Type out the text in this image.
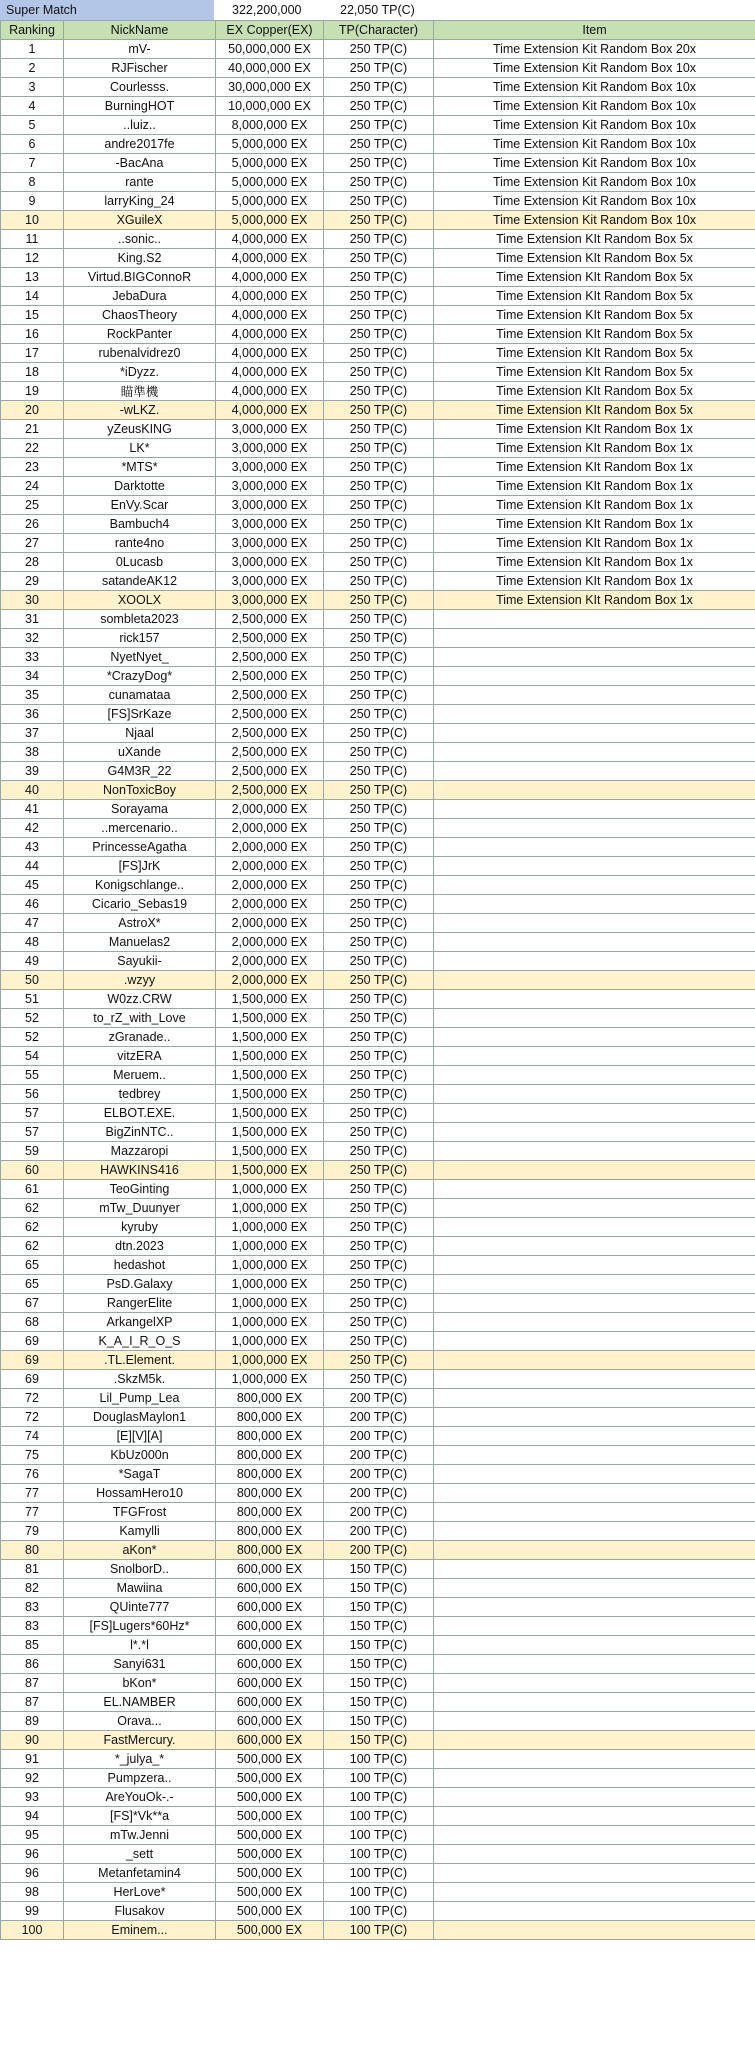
Super Match	322,200,000	22,050 TP(C)
Ranking	NickName	EX Copper(EX)	TP(Character)	Item
1	mV-	50,000,000 EX	250 TP(C)	Time Extension Kit Random Box 20x
2	RJFischer	40,000,000 EX	250 TP(C)	Time Extension Kit Random Box 10x
3	Courlesss.	30,000,000 EX	250 TP(C)	Time Extension Kit Random Box 10x
4	BurningHOT	10,000,000 EX	250 TP(C)	Time Extension Kit Random Box 10x
5	..luiz..	8,000,000 EX	250 TP(C)	Time Extension Kit Random Box 10x
6	andre2017fe	5,000,000 EX	250 TP(C)	Time Extension Kit Random Box 10x
7	-BacAna	5,000,000 EX	250 TP(C)	Time Extension Kit Random Box 10x
8	rante	5,000,000 EX	250 TP(C)	Time Extension Kit Random Box 10x
9	larryKing_24	5,000,000 EX	250 TP(C)	Time Extension Kit Random Box 10x
10	XGuileX	5,000,000 EX	250 TP(C)	Time Extension Kit Random Box 10x
11	..sonic..	4,000,000 EX	250 TP(C)	Time Extension KIt Random Box 5x
12	King.S2	4,000,000 EX	250 TP(C)	Time Extension KIt Random Box 5x
13	Virtud.BIGConnoR	4,000,000 EX	250 TP(C)	Time Extension KIt Random Box 5x
14	JebaDura	4,000,000 EX	250 TP(C)	Time Extension KIt Random Box 5x
15	ChaosTheory	4,000,000 EX	250 TP(C)	Time Extension KIt Random Box 5x
16	RockPanter	4,000,000 EX	250 TP(C)	Time Extension KIt Random Box 5x
17	rubenalvidrez0	4,000,000 EX	250 TP(C)	Time Extension KIt Random Box 5x
18	*iDyzz.	4,000,000 EX	250 TP(C)	Time Extension KIt Random Box 5x
19	瞄準機	4,000,000 EX	250 TP(C)	Time Extension KIt Random Box 5x
20	-wLKZ.	4,000,000 EX	250 TP(C)	Time Extension KIt Random Box 5x
21	yZeusKING	3,000,000 EX	250 TP(C)	Time Extension KIt Random Box 1x
22	LK*	3,000,000 EX	250 TP(C)	Time Extension KIt Random Box 1x
23	*MTS*	3,000,000 EX	250 TP(C)	Time Extension KIt Random Box 1x
24	Darktotte	3,000,000 EX	250 TP(C)	Time Extension KIt Random Box 1x
25	EnVy.Scar	3,000,000 EX	250 TP(C)	Time Extension KIt Random Box 1x
26	Bambuch4	3,000,000 EX	250 TP(C)	Time Extension KIt Random Box 1x
27	rante4no	3,000,000 EX	250 TP(C)	Time Extension KIt Random Box 1x
28	0Lucasb	3,000,000 EX	250 TP(C)	Time Extension KIt Random Box 1x
29	satandeAK12	3,000,000 EX	250 TP(C)	Time Extension KIt Random Box 1x
30	XOOLX	3,000,000 EX	250 TP(C)	Time Extension KIt Random Box 1x
31	sombleta2023	2,500,000 EX	250 TP(C)	
32	rick157	2,500,000 EX	250 TP(C)	
33	NyetNyet_	2,500,000 EX	250 TP(C)	
34	*CrazyDog*	2,500,000 EX	250 TP(C)	
35	cunamataa	2,500,000 EX	250 TP(C)	
36	[FS]SrKaze	2,500,000 EX	250 TP(C)	
37	Njaal	2,500,000 EX	250 TP(C)	
38	uXande	2,500,000 EX	250 TP(C)	
39	G4M3R_22	2,500,000 EX	250 TP(C)	
40	NonToxicBoy	2,500,000 EX	250 TP(C)	
41	Sorayama	2,000,000 EX	250 TP(C)	
42	..mercenario..	2,000,000 EX	250 TP(C)	
43	PrincesseAgatha	2,000,000 EX	250 TP(C)	
44	[FS]JrK	2,000,000 EX	250 TP(C)	
45	Konigschlange..	2,000,000 EX	250 TP(C)	
46	Cicario_Sebas19	2,000,000 EX	250 TP(C)	
47	AstroX*	2,000,000 EX	250 TP(C)	
48	Manuelas2	2,000,000 EX	250 TP(C)	
49	Sayukii-	2,000,000 EX	250 TP(C)	
50	.wzyy	2,000,000 EX	250 TP(C)	
51	W0zz.CRW	1,500,000 EX	250 TP(C)	
52	to_rZ_with_Love	1,500,000 EX	250 TP(C)	
52	zGranade..	1,500,000 EX	250 TP(C)	
54	vitzERA	1,500,000 EX	250 TP(C)	
55	Meruem..	1,500,000 EX	250 TP(C)	
56	tedbrey	1,500,000 EX	250 TP(C)	
57	ELBOT.EXE.	1,500,000 EX	250 TP(C)	
57	BigZinNTC..	1,500,000 EX	250 TP(C)	
59	Mazzaropi	1,500,000 EX	250 TP(C)	
60	HAWKINS416	1,500,000 EX	250 TP(C)	
61	TeoGinting	1,000,000 EX	250 TP(C)	
62	mTw_Duunyer	1,000,000 EX	250 TP(C)	
62	kyruby	1,000,000 EX	250 TP(C)	
62	dtn.2023	1,000,000 EX	250 TP(C)	
65	hedashot	1,000,000 EX	250 TP(C)	
65	PsD.Galaxy	1,000,000 EX	250 TP(C)	
67	RangerElite	1,000,000 EX	250 TP(C)	
68	ArkangelXP	1,000,000 EX	250 TP(C)	
69	K_A_I_R_O_S	1,000,000 EX	250 TP(C)	
69	.TL.Element.	1,000,000 EX	250 TP(C)	
69	.SkzM5k.	1,000,000 EX	250 TP(C)	
72	Lil_Pump_Lea	800,000 EX	200 TP(C)	
72	DouglasMaylon1	800,000 EX	200 TP(C)	
74	[E][V][A]	800,000 EX	200 TP(C)	
75	KbUz000n	800,000 EX	200 TP(C)	
76	*SagaT	800,000 EX	200 TP(C)	
77	HossamHero10	800,000 EX	200 TP(C)	
77	TFGFrost	800,000 EX	200 TP(C)	
79	Kamylli	800,000 EX	200 TP(C)	
80	aKon*	800,000 EX	200 TP(C)	
81	SnolborD..	600,000 EX	150 TP(C)	
82	Mawiina	600,000 EX	150 TP(C)	
83	QUinte777	600,000 EX	150 TP(C)	
83	[FS]Lugers*60Hz*	600,000 EX	150 TP(C)	
85	l*.*l	600,000 EX	150 TP(C)	
86	Sanyi631	600,000 EX	150 TP(C)	
87	bKon*	600,000 EX	150 TP(C)	
87	EL.NAMBER	600,000 EX	150 TP(C)	
89	Orava...	600,000 EX	150 TP(C)	
90	FastMercury.	600,000 EX	150 TP(C)	
91	*_julya_*	500,000 EX	100 TP(C)	
92	Pumpzera..	500,000 EX	100 TP(C)	
93	AreYouOk-.-	500,000 EX	100 TP(C)	
94	[FS]*Vk**a	500,000 EX	100 TP(C)	
95	mTw.Jenni	500,000 EX	100 TP(C)	
96	_sett	500,000 EX	100 TP(C)	
96	Metanfetamin4	500,000 EX	100 TP(C)	
98	HerLove*	500,000 EX	100 TP(C)	
99	Flusakov	500,000 EX	100 TP(C)	
100	Eminem...	500,000 EX	100 TP(C)	
